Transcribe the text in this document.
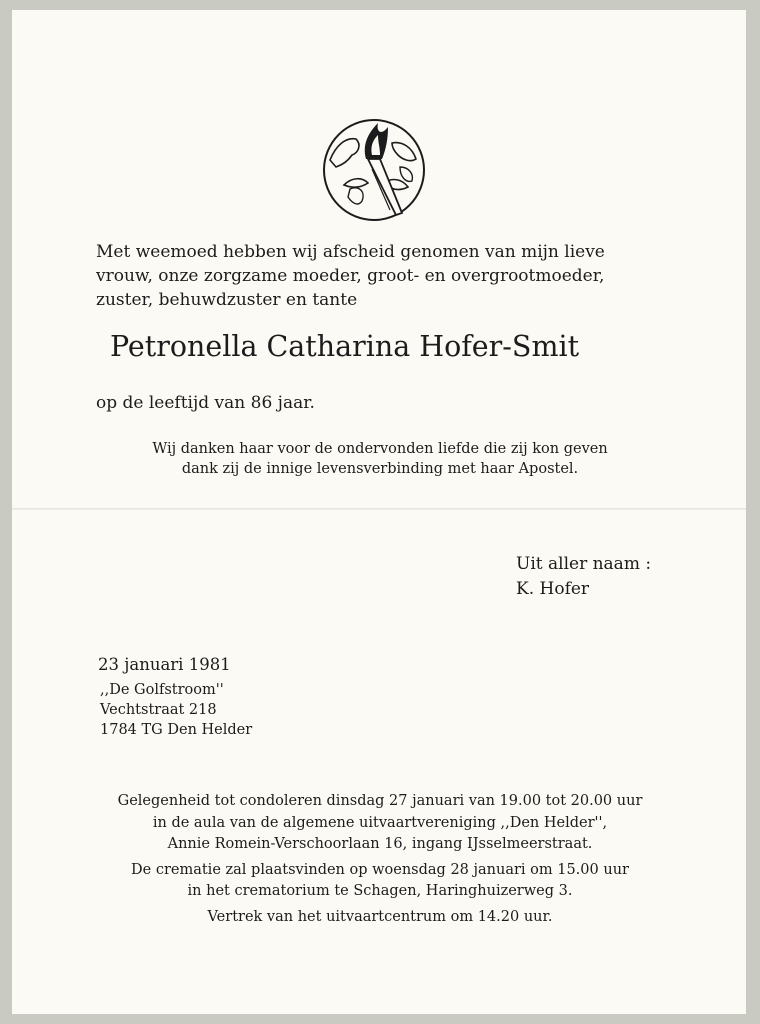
Met weemoed hebben wij afscheid genomen van mijn lieve
vrouw, onze zorgzame moeder, groot- en overgrootmoeder,
zuster, behuwdzuster en tante
Petronella Catharina Hofer-Smit
op de leeftijd van 86 jaar.
Wij danken haar voor de ondervonden liefde die zij kon geven
dank zij de innige levensverbinding met haar Apostel.
Uit aller naam :
K. Hofer
23 januari 1981
,,De Golfstroom''
Vechtstraat 218
1784 TG Den Helder
Gelegenheid tot condoleren dinsdag 27 januari van 19.00 tot 20.00 uur
in de aula van de algemene uitvaartvereniging ,,Den Helder'',
Annie Romein-Verschoorlaan 16, ingang IJsselmeerstraat.
De crematie zal plaatsvinden op woensdag 28 januari om 15.00 uur
in het crematorium te Schagen, Haringhuizerweg 3.
Vertrek van het uitvaartcentrum om 14.20 uur.
